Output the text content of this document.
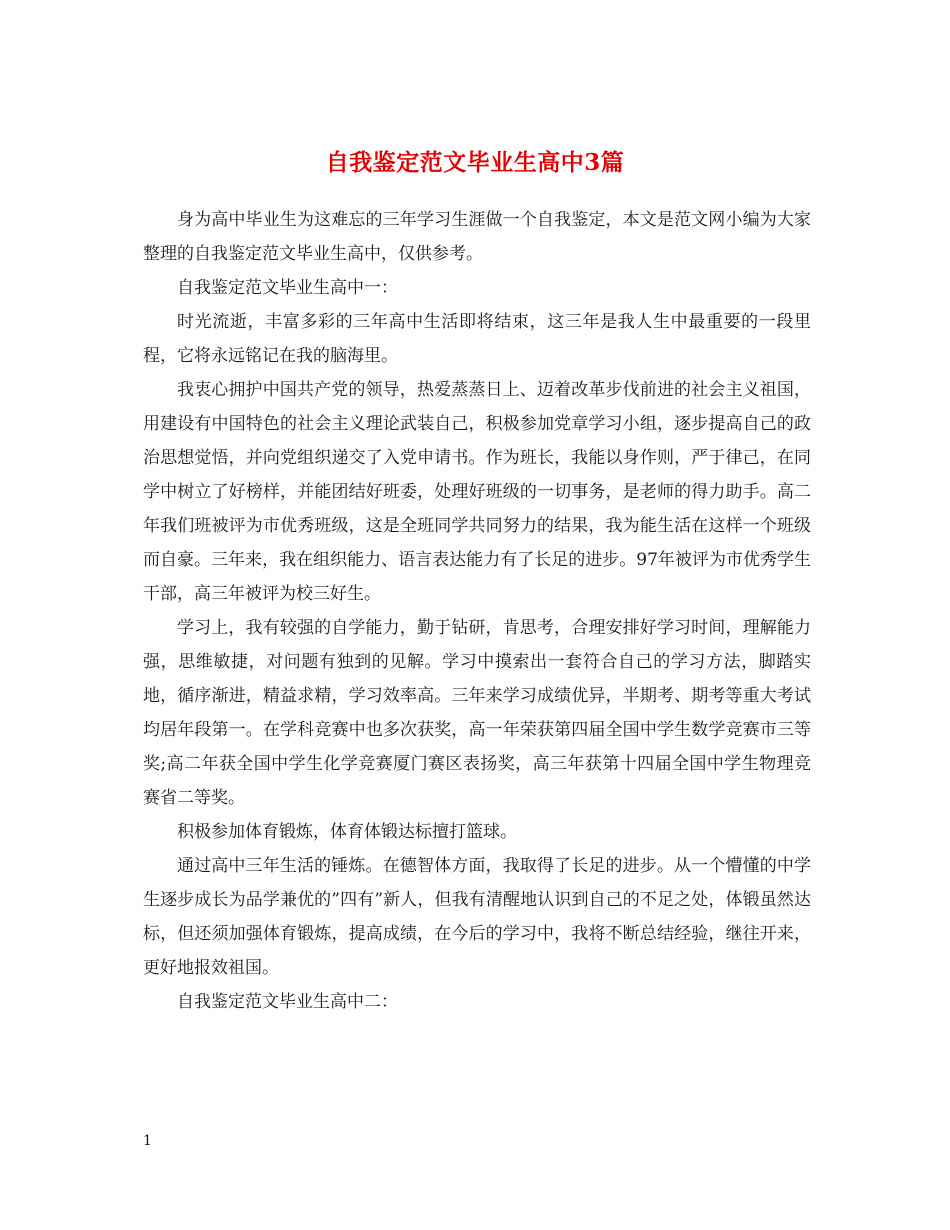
自我鉴定范文毕业生高中3篇

身为高中毕业生为这难忘的三年学习生涯做一个自我鉴定，本文是范文网小编为大家整理的自我鉴定范文毕业生高中，仅供参考。

自我鉴定范文毕业生高中一：

时光流逝，丰富多彩的三年高中生活即将结束，这三年是我人生中最重要的一段里程，它将永远铭记在我的脑海里。

我衷心拥护中国共产党的领导，热爱蒸蒸日上、迈着改革步伐前进的社会主义祖国，用建设有中国特色的社会主义理论武装自己，积极参加党章学习小组，逐步提高自己的政治思想觉悟，并向党组织递交了入党申请书。作为班长，我能以身作则，严于律己，在同学中树立了好榜样，并能团结好班委，处理好班级的一切事务，是老师的得力助手。高二年我们班被评为市优秀班级，这是全班同学共同努力的结果，我为能生活在这样一个班级而自豪。三年来，我在组织能力、语言表达能力有了长足的进步。97年被评为市优秀学生干部，高三年被评为校三好生。

学习上，我有较强的自学能力，勤于钻研，肯思考，合理安排好学习时间，理解能力强，思维敏捷，对问题有独到的见解。学习中摸索出一套符合自己的学习方法，脚踏实地，循序渐进，精益求精，学习效率高。三年来学习成绩优异，半期考、期考等重大考试均居年段第一。在学科竞赛中也多次获奖，高一年荣获第四届全国中学生数学竞赛市三等奖;高二年获全国中学生化学竞赛厦门赛区表扬奖，高三年获第十四届全国中学生物理竞赛省二等奖。

积极参加体育锻炼，体育体锻达标擅打篮球。

通过高中三年生活的锤炼。在德智体方面，我取得了长足的进步。从一个懵懂的中学生逐步成长为品学兼优的”四有”新人，但我有清醒地认识到自己的不足之处，体锻虽然达标，但还须加强体育锻炼，提高成绩，在今后的学习中，我将不断总结经验，继往开来，更好地报效祖国。

自我鉴定范文毕业生高中二：

1
